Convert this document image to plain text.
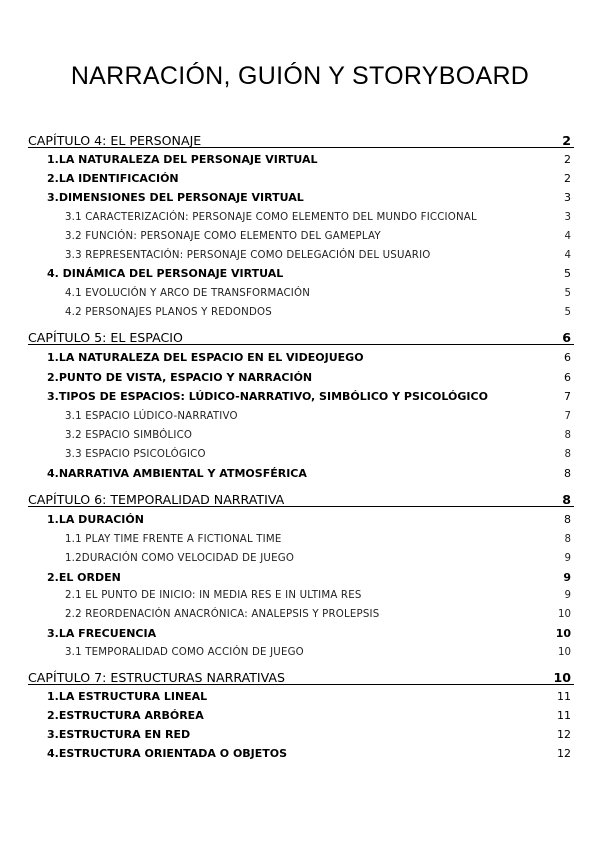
NARRACIÓN, GUIÓN Y STORYBOARD
CAPÍTULO 4: EL PERSONAJE	2
1.LA NATURALEZA DEL PERSONAJE VIRTUAL	2
2.LA IDENTIFICACIÓN	2
3.DIMENSIONES DEL PERSONAJE VIRTUAL	3
3.1 CARACTERIZACIÓN: PERSONAJE COMO ELEMENTO DEL MUNDO FICCIONAL	3
3.2 FUNCIÓN: PERSONAJE COMO ELEMENTO DEL GAMEPLAY	4
3.3 REPRESENTACIÓN: PERSONAJE COMO DELEGACIÓN DEL USUARIO	4
4. DINÁMICA DEL PERSONAJE VIRTUAL	5
4.1 EVOLUCIÓN Y ARCO DE TRANSFORMACIÓN	5
4.2 PERSONAJES PLANOS Y REDONDOS	5
CAPÍTULO 5: EL ESPACIO	6
1.LA NATURALEZA DEL ESPACIO EN EL VIDEOJUEGO	6
2.PUNTO DE VISTA, ESPACIO Y NARRACIÓN	6
3.TIPOS DE ESPACIOS: LÚDICO-NARRATIVO, SIMBÓLICO Y PSICOLÓGICO	7
3.1 ESPACIO LÚDICO-NARRATIVO	7
3.2 ESPACIO SIMBÓLICO	8
3.3 ESPACIO PSICOLÓGICO	8
4.NARRATIVA AMBIENTAL Y ATMOSFÉRICA	8
CAPÍTULO 6: TEMPORALIDAD NARRATIVA	8
1.LA DURACIÓN	8
1.1 PLAY TIME FRENTE A FICTIONAL TIME	8
1.2DURACIÓN COMO VELOCIDAD DE JUEGO	9
2.EL ORDEN	9
2.1 EL PUNTO DE INICIO: IN MEDIA RES E IN ULTIMA RES	9
2.2 REORDENACIÓN ANACRÓNICA: ANALEPSIS Y PROLEPSIS	10
3.LA FRECUENCIA	10
3.1 TEMPORALIDAD COMO ACCIÓN DE JUEGO	10
CAPÍTULO 7: ESTRUCTURAS NARRATIVAS	10
1.LA ESTRUCTURA LINEAL	11
2.ESTRUCTURA ARBÓREA	11
3.ESTRUCTURA EN RED	12
4.ESTRUCTURA ORIENTADA O OBJETOS	12
